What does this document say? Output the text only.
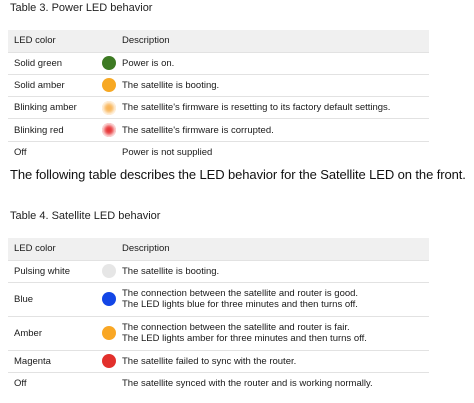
Table 3. Power LED behavior
LED color		Description
Solid green		Power is on.

Solid amber		The satellite is booting.

Blinking amber		The satellite's firmware is resetting to its factory default settings.

Blinking red		The satellite's firmware is corrupted.

Off		Power is not supplied
The following table describes the LED behavior for the Satellite LED on the front.
Table 4. Satellite LED behavior
LED color		Description
Pulsing white		The satellite is booting.

Blue		The connection between the satellite and router is good.
The LED lights blue for three minutes and then turns off.

Amber		The connection between the satellite and router is fair.
The LED lights amber for three minutes and then turns off.

Magenta		The satellite failed to sync with the router.

Off		The satellite synced with the router and is working normally.
